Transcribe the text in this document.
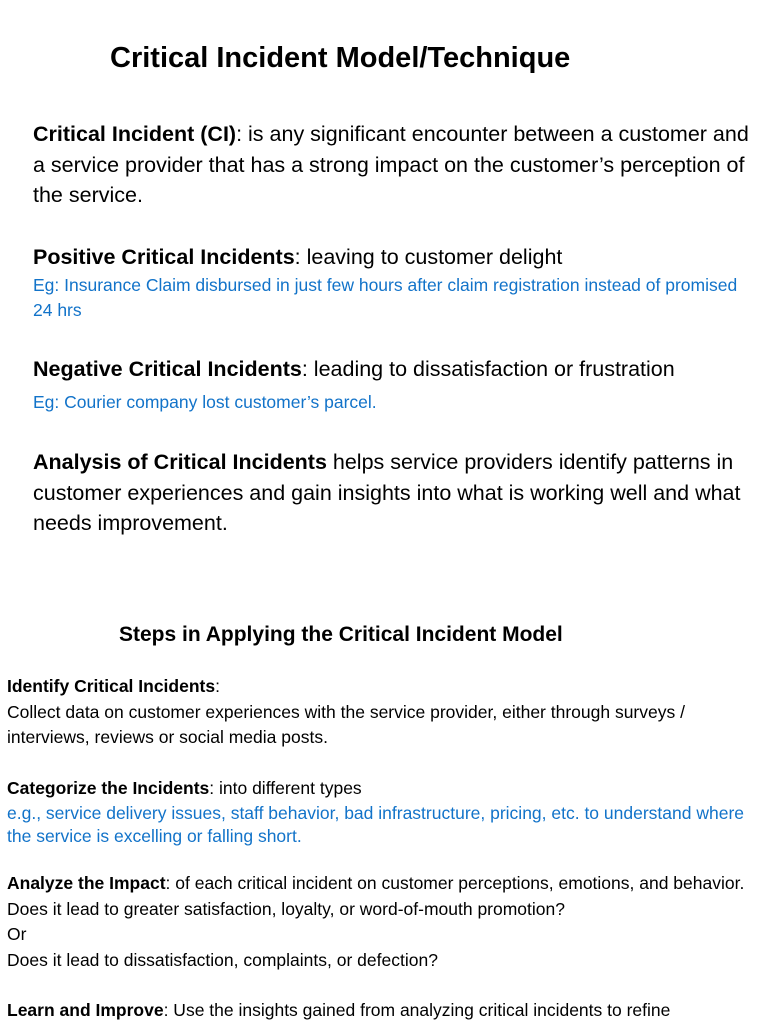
Critical Incident Model/Technique
Critical Incident (CI): is any significant encounter between a customer and a service provider that has a strong impact on the customer’s perception of the service.
Positive Critical Incidents: leaving to customer delight
Eg: Insurance Claim disbursed in just few hours after claim registration instead of promised 24 hrs
Negative Critical Incidents: leading to dissatisfaction or frustration
Eg: Courier company lost customer’s parcel.
Analysis of Critical Incidents helps service providers identify patterns in customer experiences and gain insights into what is working well and what needs improvement.
Steps in Applying the Critical Incident Model
Identify Critical Incidents:
Collect data on customer experiences with the service provider, either through surveys / interviews, reviews or social media posts.
Categorize the Incidents: into different types
e.g., service delivery issues, staff behavior, bad infrastructure, pricing, etc. to understand where the service is excelling or falling short.
Analyze the Impact: of each critical incident on customer perceptions, emotions, and behavior. Does it lead to greater satisfaction, loyalty, or word-of-mouth promotion?
Or
Does it lead to dissatisfaction, complaints, or defection?
Learn and Improve: Use the insights gained from analyzing critical incidents to refine
